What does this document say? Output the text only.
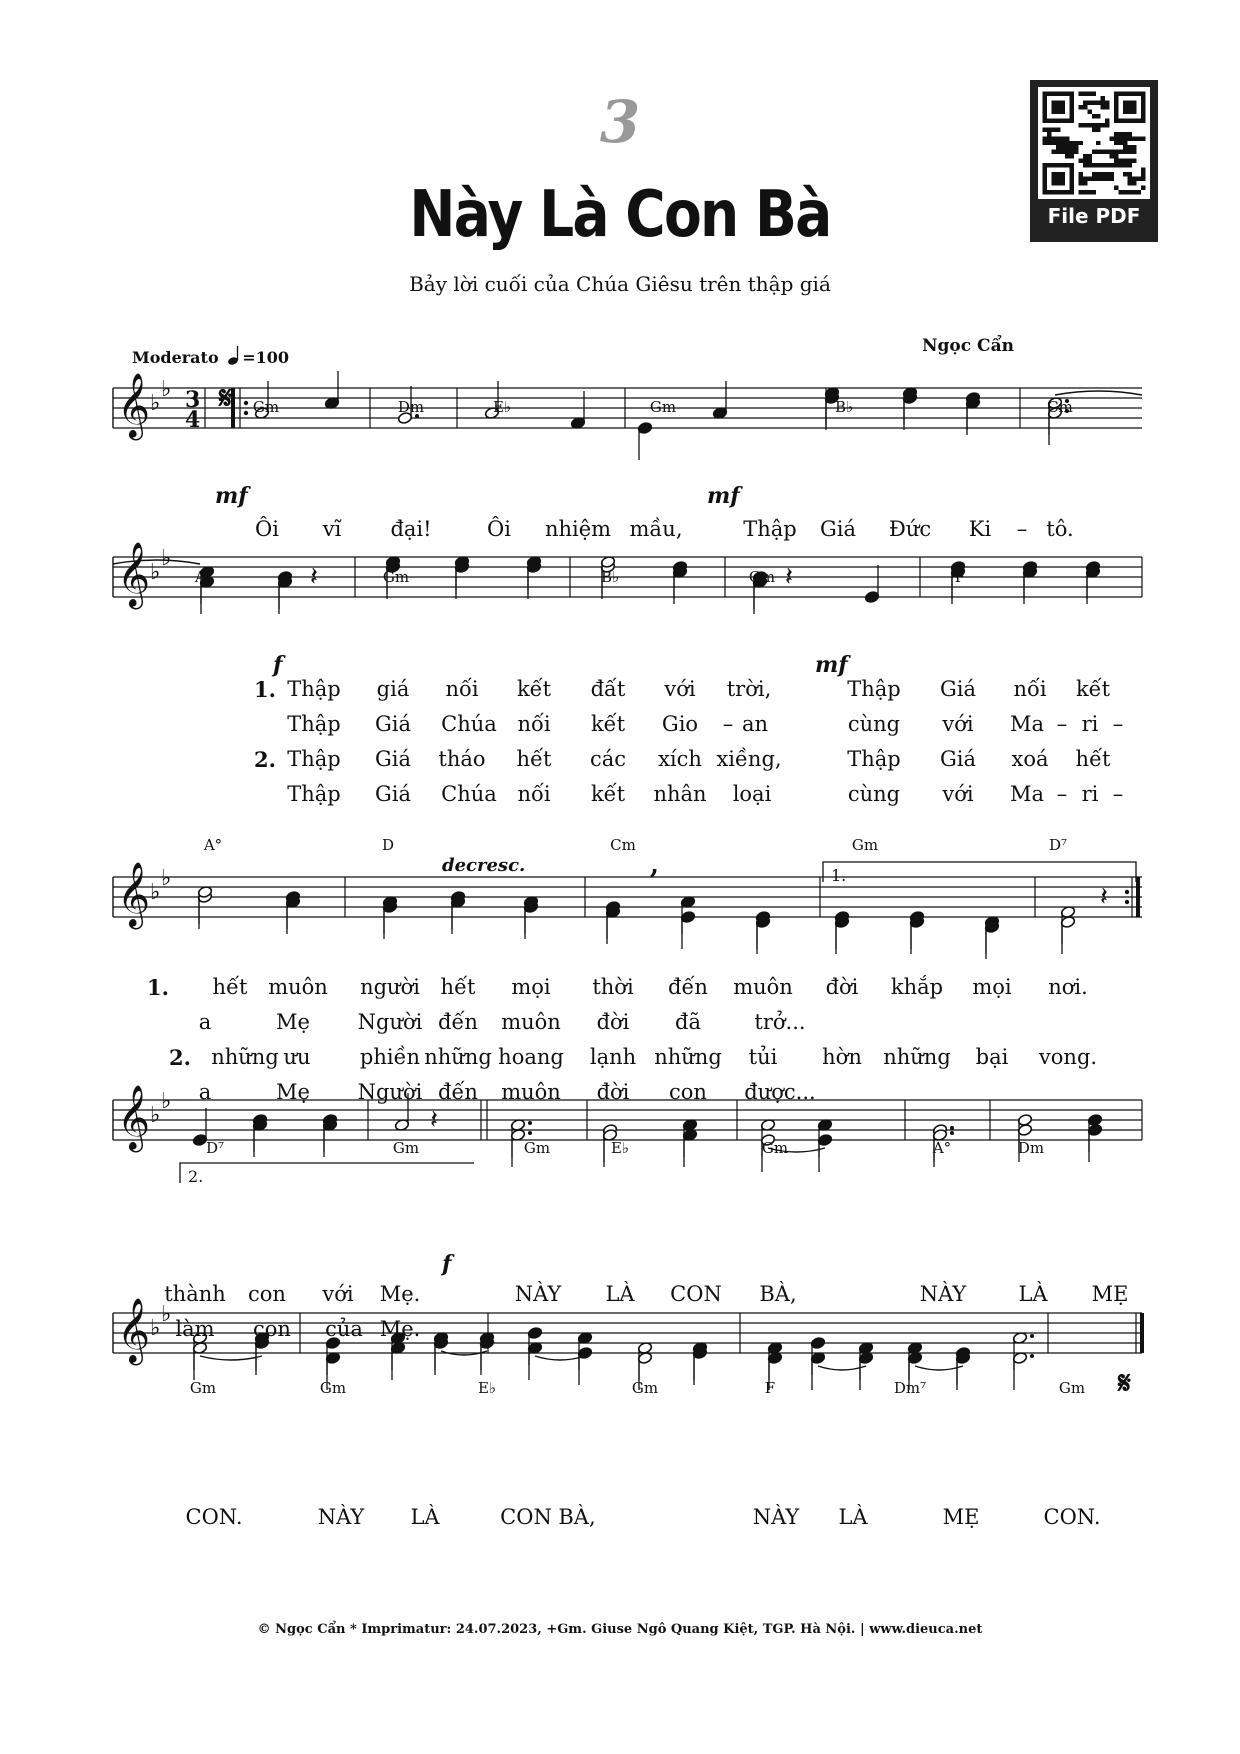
3
Này Là Con Bà
Bảy lời cuối của Chúa Giêsu trên thập giá
File PDF
Moderato =100
Ngọc Cẩn
𝄞 ♭
♭ 3
4
𝄞 ♭
♭
𝄞 ♭
♭
𝄞 ♭
♭
𝄞 ♭
♭
𝄽	𝄽
𝄽
𝄽
𝄋
𝄋
Gm	Dm	E♭	Gm	B♭	Cm
A°	Gm	B♭	Gm	F
A°	D	Cm	Gm	D⁷
D⁷	Gm	Gm	E♭	Gm	A°	Dm
Gm	Gm	E♭	Gm	F	Dm⁷	Gm
mf	mf
f	mf
f
decresc.	1.
2.
,
Ôi vĩ đại!	Ôi nhiệm mầu,	Thập Giá Đức Ki – tô.
1. Thập giá nối kết đất với trời,	Thập Giá nối kết
Thập Giá Chúa nối kết Gio – an	cùng với Ma – ri –
2. Thập Giá tháo hết các xích xiềng,	Thập Giá xoá hết
Thập Giá Chúa nối kết nhân loại	cùng với Ma – ri –
1. hết muôn người hết mọi thời đến muôn đời khắp mọi nơi.
a	Mẹ Người đến muôn đời đã	trở...
2. những ưu phiền những hoang lạnh những tủi hờn những bại vong.
a	Mẹ Người đến muôn đời con được...
thành con với Mẹ.	NÀY LÀ CON BÀ,	NÀY LÀ MẸ
làm con của Mẹ.
CON.	NÀY LÀ	CON BÀ,	NÀY LÀ	MẸ	CON.
© Ngọc Cẩn * Imprimatur: 24.07.2023, +Gm. Giuse Ngô Quang Kiệt, TGP. Hà Nội. | www.dieuca.net
